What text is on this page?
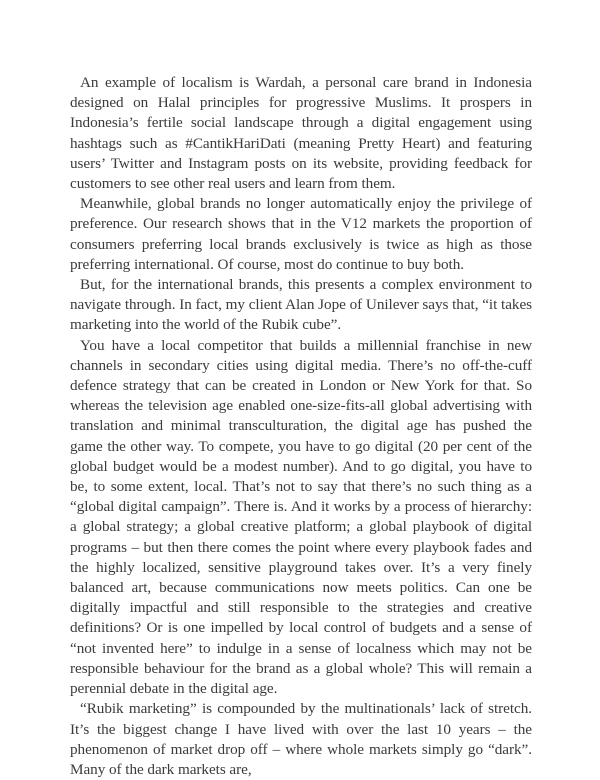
An example of localism is Wardah, a personal care brand in Indonesia designed on Halal principles for progressive Muslims. It prospers in Indonesia’s fertile social landscape through a digital engagement using hashtags such as #CantikHariDati (meaning Pretty Heart) and featuring users’ Twitter and Instagram posts on its website, providing feedback for customers to see other real users and learn from them.

Meanwhile, global brands no longer automatically enjoy the privilege of preference. Our research shows that in the V12 markets the proportion of consumers preferring local brands exclusively is twice as high as those preferring international. Of course, most do continue to buy both.

But, for the international brands, this presents a complex environment to navigate through. In fact, my client Alan Jope of Unilever says that, “it takes marketing into the world of the Rubik cube”.

You have a local competitor that builds a millennial franchise in new channels in secondary cities using digital media. There’s no off-the-cuff defence strategy that can be created in London or New York for that. So whereas the television age enabled one-size-fits-all global advertising with translation and minimal transculturation, the digital age has pushed the game the other way. To compete, you have to go digital (20 per cent of the global budget would be a modest number). And to go digital, you have to be, to some extent, local. That’s not to say that there’s no such thing as a “global digital campaign”. There is. And it works by a process of hierarchy: a global strategy; a global creative platform; a global playbook of digital programs – but then there comes the point where every playbook fades and the highly localized, sensitive playground takes over. It’s a very finely balanced art, because communications now meets politics. Can one be digitally impactful and still responsible to the strategies and creative definitions? Or is one impelled by local control of budgets and a sense of “not invented here” to indulge in a sense of localness which may not be responsible behaviour for the brand as a global whole? This will remain a perennial debate in the digital age.

“Rubik marketing” is compounded by the multinationals’ lack of stretch. It’s the biggest change I have lived with over the last 10 years – the phenomenon of market drop off – where whole markets simply go “dark”. Many of the dark markets are,
